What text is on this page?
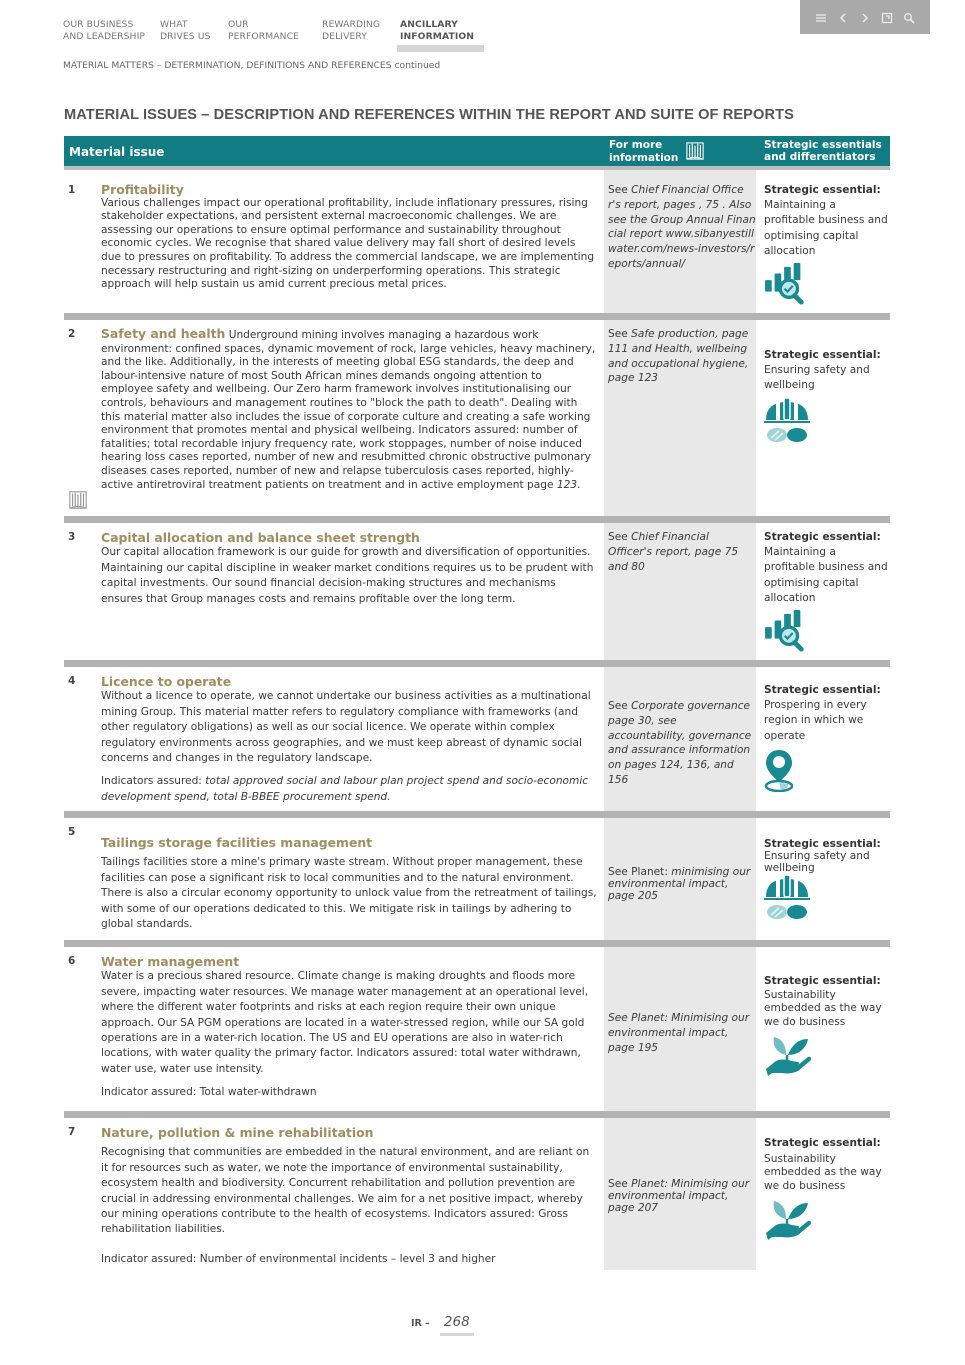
OUR BUSINESS
AND LEADERSHIP
WHAT
DRIVES US
OUR
PERFORMANCE
REWARDING
DELIVERY
ANCILLARY
INFORMATION
MATERIAL MATTERS – DETERMINATION, DEFINITIONS AND REFERENCES continued
MATERIAL ISSUES – DESCRIPTION AND REFERENCES WITHIN THE REPORT AND SUITE OF REPORTS
Material issue	For more
information
Strategic essentials
and differentiators
1 Profitability

Various challenges impact our operational profitability, include inflationary pressures, rising stakeholder expectations, and persistent external macroeconomic challenges. We are assessing our operations to ensure optimal performance and sustainability throughout economic cycles. We recognise that shared value delivery may fall short of desired levels due to pressures on profitability. To address the commercial landscape, we are implementing necessary restructuring and right-sizing on underperforming operations. This strategic approach will help sustain us amid current precious metal prices.

See Chief Financial Officer's report, pages , 75 . Also see the Group Annual Financial report www.sibanyestillwater.com/news-investors/reports/annual/
Strategic essential:
Maintaining a profitable business and optimising capital allocation
2 Safety and health Underground mining involves managing a hazardous work environment: confined spaces, dynamic movement of rock, large vehicles, heavy machinery, and the like. Additionally, in the interests of meeting global ESG standards, the deep and labour-intensive nature of most South African mines demands ongoing attention to employee safety and wellbeing. Our Zero harm framework involves institutionalising our controls, behaviours and management routines to "block the path to death". Dealing with this material matter also includes the issue of corporate culture and creating a safe working environment that promotes mental and physical wellbeing. Indicators assured: number of fatalities; total recordable injury frequency rate, work stoppages, number of noise induced hearing loss cases reported, number of new and resubmitted chronic obstructive pulmonary diseases cases reported, number of new and relapse tuberculosis cases reported, highly-active antiretroviral treatment patients on treatment and in active employment page 123.

See Safe production, page 111 and Health, wellbeing and occupational hygiene, page 123
Strategic essential:
Ensuring safety and wellbeing
3 Capital allocation and balance sheet strength

Our capital allocation framework is our guide for growth and diversification of opportunities. Maintaining our capital discipline in weaker market conditions requires us to be prudent with capital investments. Our sound financial decision-making structures and mechanisms ensures that Group manages costs and remains profitable over the long term.

See Chief Financial Officer's report, page 75 and 80
Strategic essential:
Maintaining a profitable business and optimising capital allocation
4 Licence to operate

Without a licence to operate, we cannot undertake our business activities as a multinational mining Group. This material matter refers to regulatory compliance with frameworks (and other regulatory obligations) as well as our social licence. We operate within complex regulatory environments across geographies, and we must keep abreast of dynamic social concerns and changes in the regulatory landscape.

Indicators assured: total approved social and labour plan project spend and socio-economic development spend, total B-BBEE procurement spend.

See Corporate governance page 30, see accountability, governance and assurance information on pages 124, 136, and 156
Strategic essential:
Prospering in every region in which we operate
5
Tailings storage facilities management

Tailings facilities store a mine's primary waste stream. Without proper management, these facilities can pose a significant risk to local communities and to the natural environment. There is also a circular economy opportunity to unlock value from the retreatment of tailings, with some of our operations dedicated to this. We mitigate risk in tailings by adhering to global standards.

See Planet: minimising our environmental impact, page 205
Strategic essential:
Ensuring safety and wellbeing
6 Water management

Water is a precious shared resource. Climate change is making droughts and floods more severe, impacting water resources. We manage water management at an operational level, where the different water footprints and risks at each region require their own unique approach. Our SA PGM operations are located in a water-stressed region, while our SA gold operations are in a water-rich location. The US and EU operations are also in water-rich locations, with water quality the primary factor. Indicators assured: total water withdrawn, water use, water use intensity.

Indicator assured: Total water-withdrawn

See Planet: Minimising our environmental impact, page 195
Strategic essential:
Sustainability embedded as the way we do business
7 Nature, pollution & mine rehabilitation

Recognising that communities are embedded in the natural environment, and are reliant on it for resources such as water, we note the importance of environmental sustainability, ecosystem health and biodiversity. Concurrent rehabilitation and pollution prevention are crucial in addressing environmental challenges. We aim for a net positive impact, whereby our mining operations contribute to the health of ecosystems. Indicators assured: Gross rehabilitation liabilities.

Indicator assured: Number of environmental incidents – level 3 and higher

See Planet: Minimising our environmental impact, page 207
Strategic essential:
Sustainability embedded as the way we do business
IR – 268
